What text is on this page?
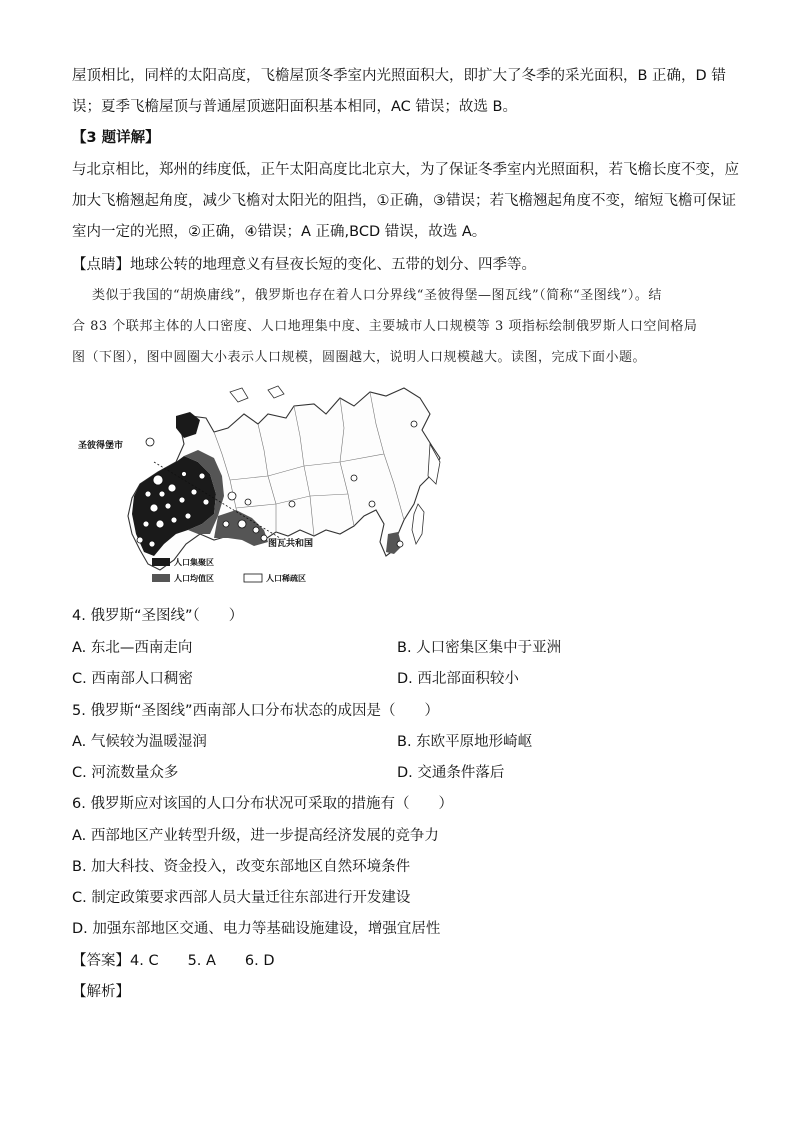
屋顶相比，同样的太阳高度，飞檐屋顶冬季室内光照面积大，即扩大了冬季的采光面积，B 正确，D 错
误；夏季飞檐屋顶与普通屋顶遮阳面积基本相同，AC 错误；故选 B。
【3 题详解】
与北京相比，郑州的纬度低，正午太阳高度比北京大，为了保证冬季室内光照面积，若飞檐长度不变，应
加大飞檐翘起角度，减少飞檐对太阳光的阻挡，①正确，③错误；若飞檐翘起角度不变，缩短飞檐可保证
室内一定的光照，②正确，④错误；A 正确,BCD 错误，故选 A。
【点睛】地球公转的地理意义有昼夜长短的变化、五带的划分、四季等。
类似于我国的“胡焕庸线”，俄罗斯也存在着人口分界线“圣彼得堡—图瓦线”（简称“圣图线”）。结
合 83 个联邦主体的人口密度、人口地理集中度、主要城市人口规模等 3 项指标绘制俄罗斯人口空间格局
图（下图），图中圆圈大小表示人口规模，圆圈越大，说明人口规模越大。读图，完成下面小题。
圣彼得堡市
图瓦共和国
人口集聚区
人口均值区	人口稀疏区
4. 俄罗斯“圣图线”（　　）
A. 东北—西南走向	B. 人口密集区集中于亚洲
C. 西南部人口稠密	D. 西北部面积较小
5. 俄罗斯“圣图线”西南部人口分布状态的成因是（　　）
A. 气候较为温暖湿润	B. 东欧平原地形崎岖
C. 河流数量众多	D. 交通条件落后
6. 俄罗斯应对该国的人口分布状况可采取的措施有（　　）
A. 西部地区产业转型升级，进一步提高经济发展的竞争力
B. 加大科技、资金投入，改变东部地区自然环境条件
C. 制定政策要求西部人员大量迁往东部进行开发建设
D. 加强东部地区交通、电力等基础设施建设，增强宜居性
【答案】4. C　　5. A　　6. D
【解析】
